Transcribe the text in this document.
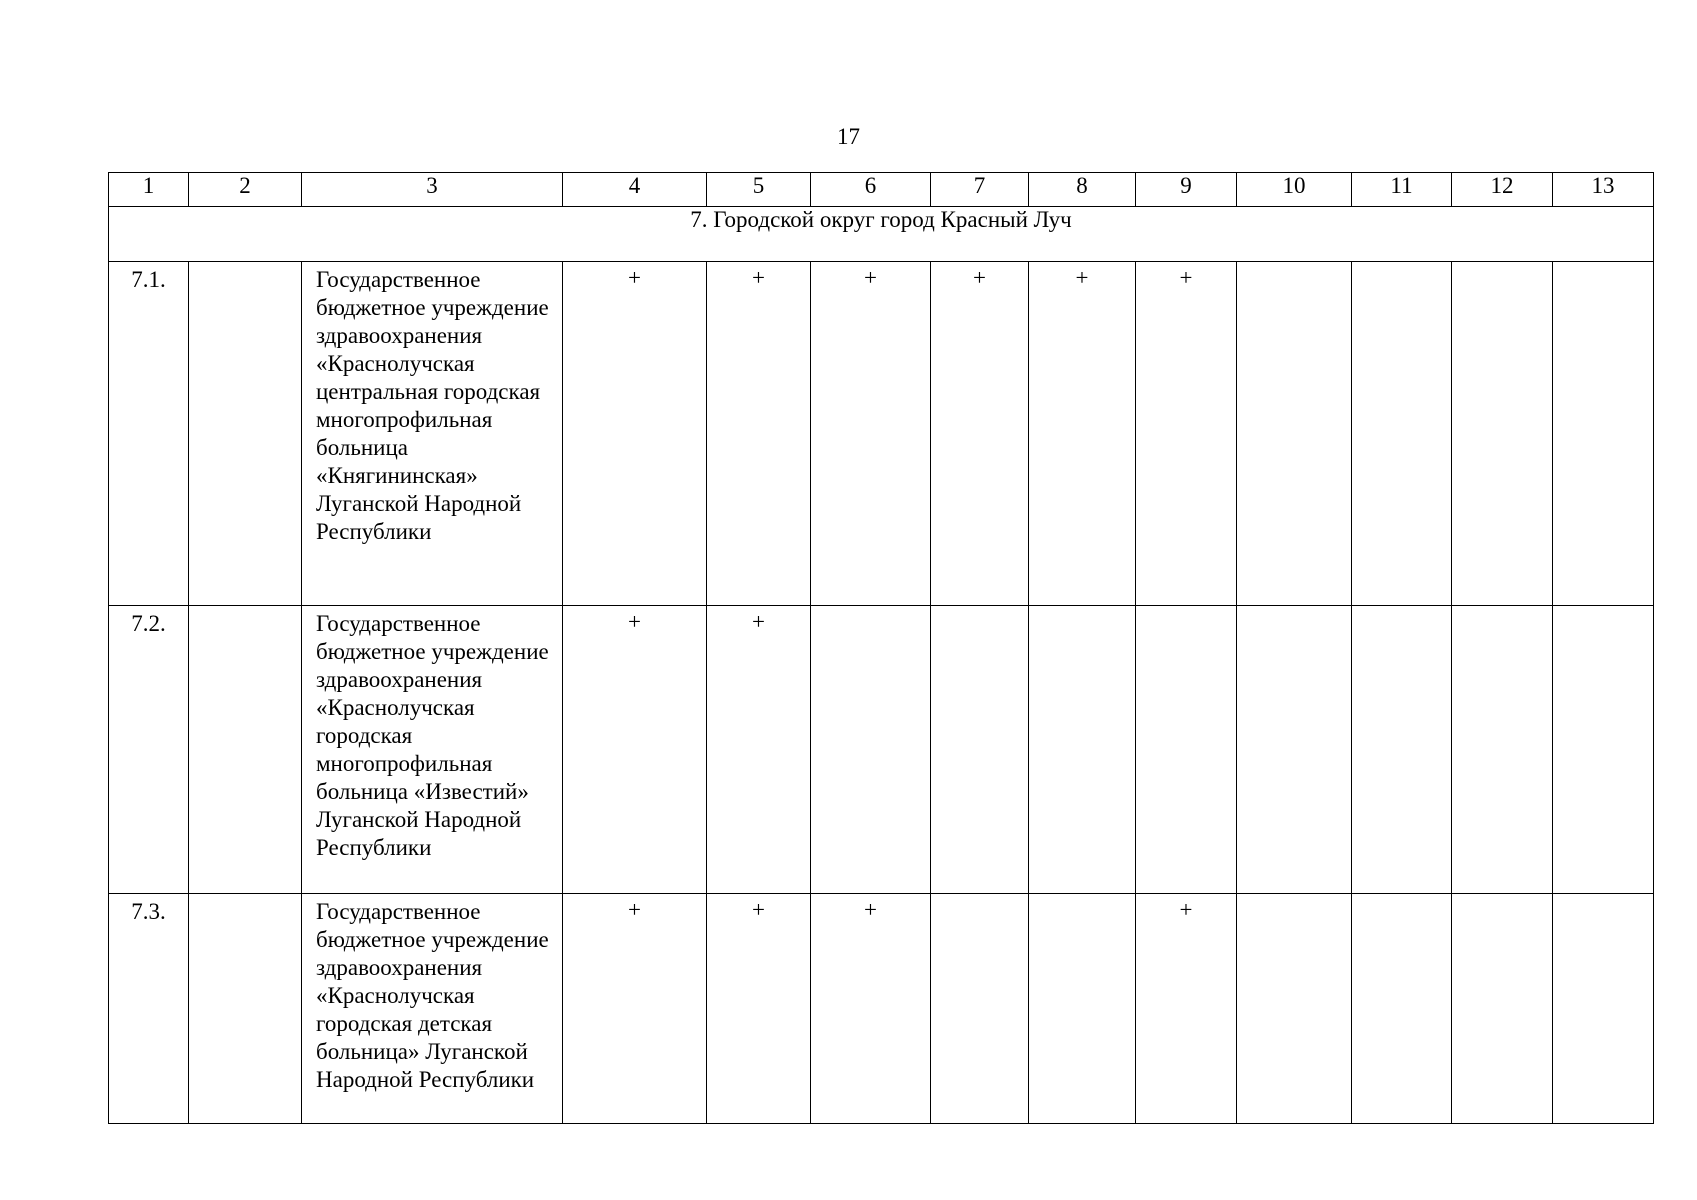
17
1	2	3	4	5	6	7	8	9	10	11	12	13
7. Городской округ город Красный Луч												
7.1.		Государственное бюджетное учреждение здравоохранения «Краснолучская центральная городская многопрофильная больница «Княгининская» Луганской Народной Республики	+	+	+	+	+	+				
7.2.		Государственное бюджетное учреждение здравоохранения «Краснолучская городская многопрофильная больница «Известий» Луганской Народной Республики	+	+								
7.3.		Государственное бюджетное учреждение здравоохранения «Краснолучская городская детская больница» Луганской Народной Республики	+	+	+			+				
